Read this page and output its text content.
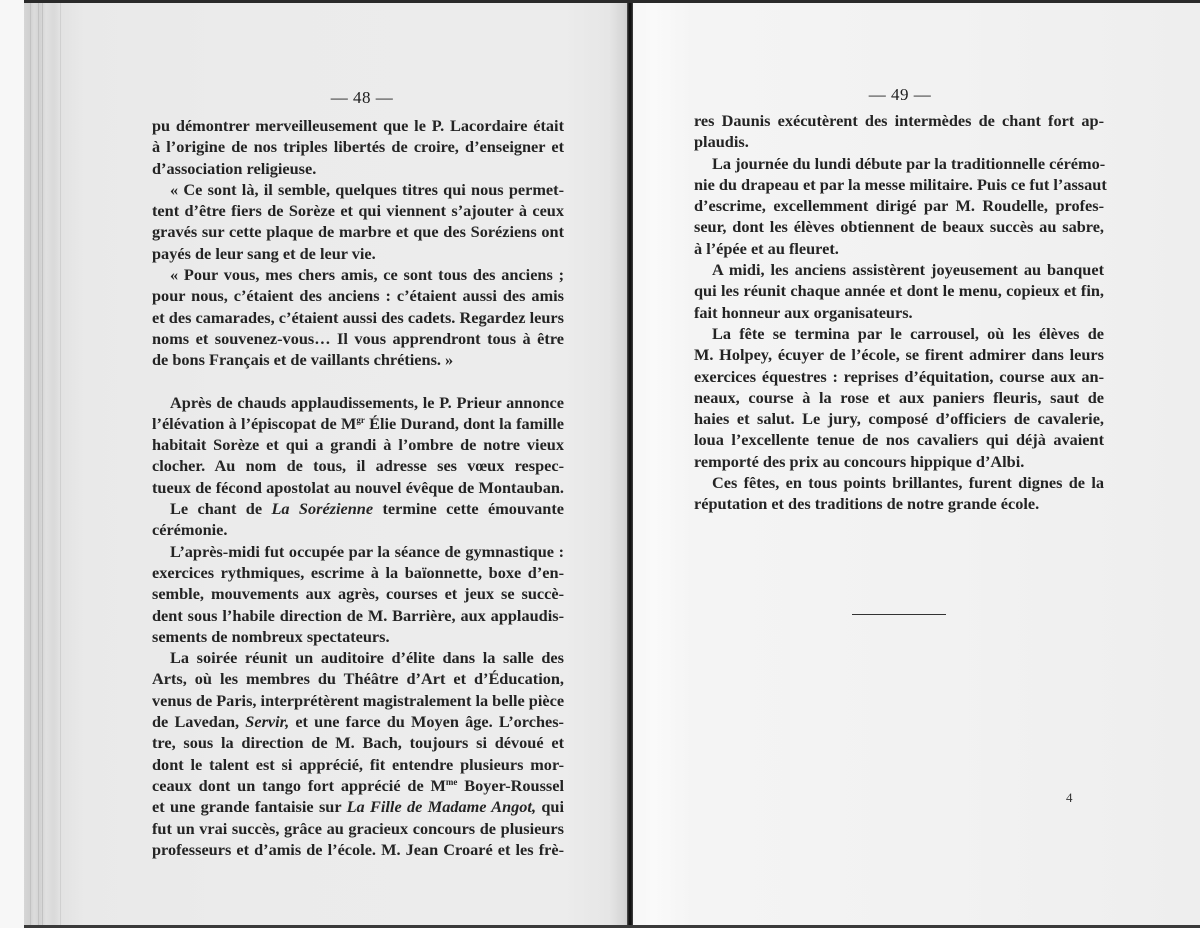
— 48 —	— 49 —
pu démontrer merveilleusement que le P. Lacordaire était
à l’origine de nos triples libertés de croire, d’enseigner et
d’association religieuse.
« Ce sont là, il semble, quelques titres qui nous permet-
tent d’être fiers de Sorèze et qui viennent s’ajouter à ceux
gravés sur cette plaque de marbre et que des Soréziens ont
payés de leur sang et de leur vie.
« Pour vous, mes chers amis, ce sont tous des anciens ;
pour nous, c’étaient des anciens : c’étaient aussi des amis
et des camarades, c’étaient aussi des cadets. Regardez leurs
noms et souvenez-vous… Il vous apprendront tous à être
de bons Français et de vaillants chrétiens. »
Après de chauds applaudissements, le P. Prieur annonce
l’élévation à l’épiscopat de $M^{gr}$ Élie Durand, dont la famille
habitait Sorèze et qui a grandi à l’ombre de notre vieux
clocher. Au nom de tous, il adresse ses vœux respec-
tueux de fécond apostolat au nouvel évêque de Montauban.
Le chant de La Sorézienne termine cette émouvante
cérémonie.
L’après-midi fut occupée par la séance de gymnastique :
exercices rythmiques, escrime à la baïonnette, boxe d’en-
semble, mouvements aux agrès, courses et jeux se succè-
dent sous l’habile direction de M. Barrière, aux applaudis-
sements de nombreux spectateurs.
La soirée réunit un auditoire d’élite dans la salle des
Arts, où les membres du Théâtre d’Art et d’Éducation,
venus de Paris, interprétèrent magistralement la belle pièce
de Lavedan, Servir, et une farce du Moyen âge. L’orches-
tre, sous la direction de M. Bach, toujours si dévoué et
dont le talent est si apprécié, fit entendre plusieurs mor-
ceaux dont un tango fort apprécié de $M^{me}$ Boyer-Roussel
et une grande fantaisie sur La Fille de Madame Angot, qui
fut un vrai succès, grâce au gracieux concours de plusieurs
professeurs et d’amis de l’école. M. Jean Croaré et les frè-
res Daunis exécutèrent des intermèdes de chant fort ap-
plaudis.
La journée du lundi débute par la traditionnelle cérémo-
nie du drapeau et par la messe militaire. Puis ce fut l’assaut
d’escrime, excellemment dirigé par M. Roudelle, profes-
seur, dont les élèves obtiennent de beaux succès au sabre,
à l’épée et au fleuret.
A midi, les anciens assistèrent joyeusement au banquet
qui les réunit chaque année et dont le menu, copieux et fin,
fait honneur aux organisateurs.
La fête se termina par le carrousel, où les élèves de
M. Holpey, écuyer de l’école, se firent admirer dans leurs
exercices équestres : reprises d’équitation, course aux an-
neaux, course à la rose et aux paniers fleuris, saut de
haies et salut. Le jury, composé d’officiers de cavalerie,
loua l’excellente tenue de nos cavaliers qui déjà avaient
remporté des prix au concours hippique d’Albi.
Ces fêtes, en tous points brillantes, furent dignes de la
réputation et des traditions de notre grande école.
4
